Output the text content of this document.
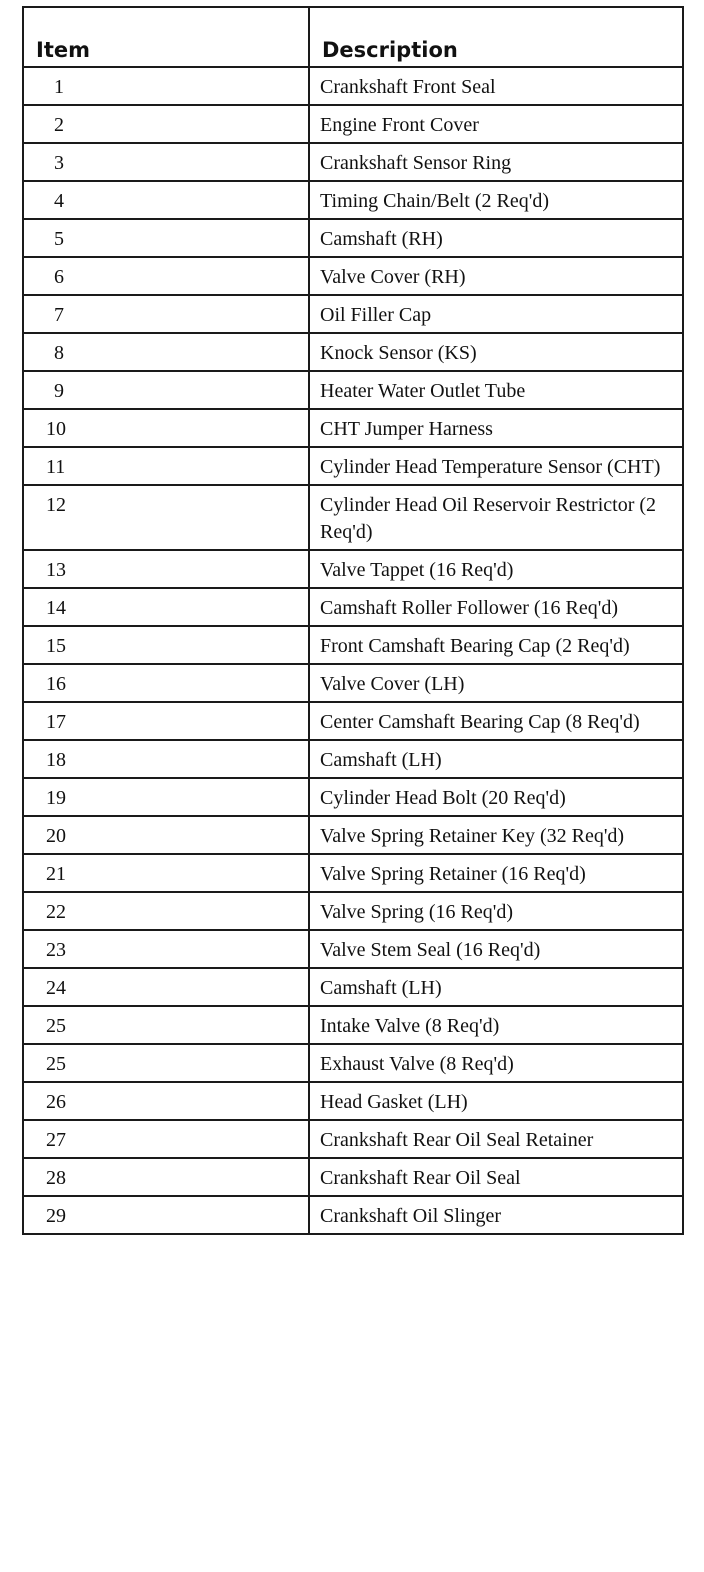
Item	Description
1	Crankshaft Front Seal
2	Engine Front Cover
3	Crankshaft Sensor Ring
4	Timing Chain/Belt (2 Req'd)
5	Camshaft (RH)
6	Valve Cover (RH)
7	Oil Filler Cap
8	Knock Sensor (KS)
9	Heater Water Outlet Tube
10	CHT Jumper Harness
11	Cylinder Head Temperature Sensor (CHT)
12	Cylinder Head Oil Reservoir Restrictor (2 Req'd)
13	Valve Tappet (16 Req'd)
14	Camshaft Roller Follower (16 Req'd)
15	Front Camshaft Bearing Cap (2 Req'd)
16	Valve Cover (LH)
17	Center Camshaft Bearing Cap (8 Req'd)
18	Camshaft (LH)
19	Cylinder Head Bolt (20 Req'd)
20	Valve Spring Retainer Key (32 Req'd)
21	Valve Spring Retainer (16 Req'd)
22	Valve Spring (16 Req'd)
23	Valve Stem Seal (16 Req'd)
24	Camshaft (LH)
25	Intake Valve (8 Req'd)
25	Exhaust Valve (8 Req'd)
26	Head Gasket (LH)
27	Crankshaft Rear Oil Seal Retainer
28	Crankshaft Rear Oil Seal
29	Crankshaft Oil Slinger
